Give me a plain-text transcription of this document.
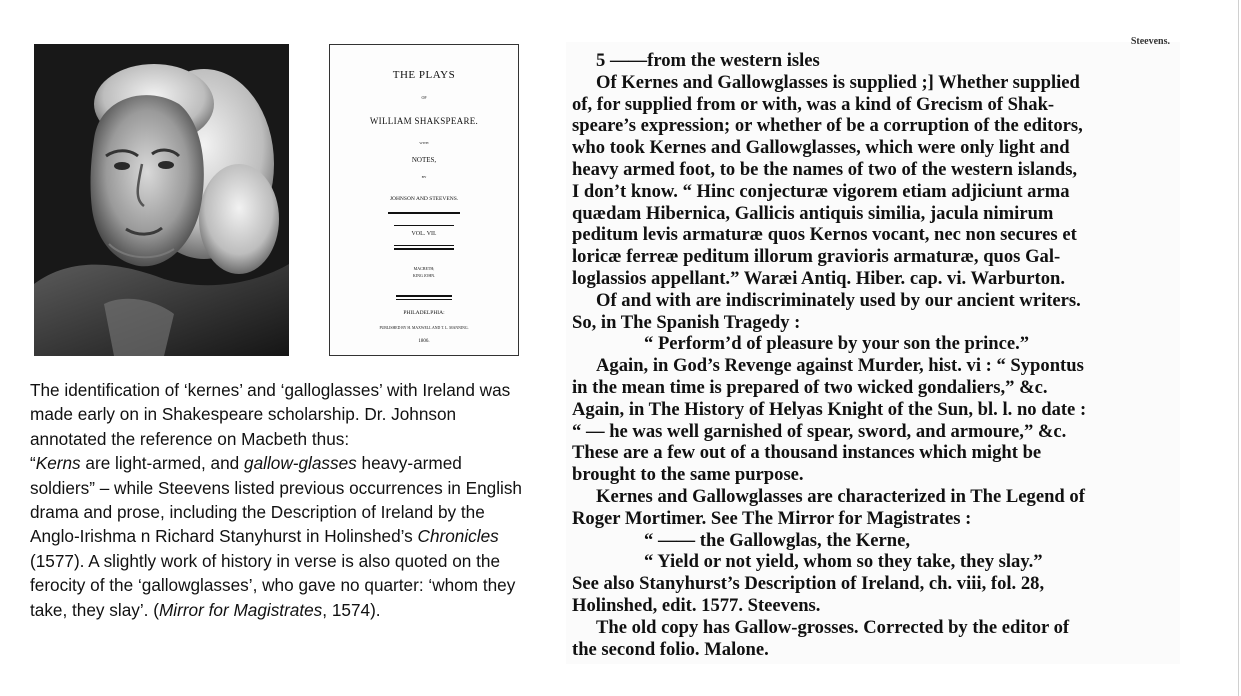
THE PLAYS
OF
WILLIAM SHAKSPEARE.
WITH
NOTES,
BY
JOHNSON AND STEEVENS.
VOL. VII.
MACBETH;
KING JOHN.
PHILADELPHIA:
PUBLISHED BY H. MAXWELL AND T. L. MANNING.
1806.

The identification of ‘kernes’ and ‘galloglasses’ with Ireland was made early on in Shakespeare scholarship. Dr. Johnson annotated the reference on Macbeth thus:
“Kerns are light-armed, and gallow-glasses heavy-armed soldiers” – while Steevens listed previous occurrences in English drama and prose, including the Description of Ireland by the Anglo-Irishma n Richard Stanyhurst in Holinshed’s Chronicles (1577). A slightly work of history in verse is also quoted on the ferocity of the ‘gallowglasses’, who gave no quarter: ‘whom they take, they slay’. (Mirror for Magistrates, 1574).

Steevens.
5 ——from the western isles
Of Kernes and Gallowglasses is supplied ;] Whether supplied
of, for supplied from or with, was a kind of Grecism of Shak-
speare’s expression; or whether of be a corruption of the editors,
who took Kernes and Gallowglasses, which were only light and
heavy armed foot, to be the names of two of the western islands,
I don’t know. “ Hinc conjecturæ vigorem etiam adjiciunt arma
quædam Hibernica, Gallicis antiquis similia, jacula nimirum
peditum levis armaturæ quos Kernos vocant, nec non secures et
loricæ ferreæ peditum illorum gravioris armaturæ, quos Gal-
loglassios appellant.” Waræi Antiq. Hiber. cap. vi. Warburton.
Of and with are indiscriminately used by our ancient writers.
So, in The Spanish Tragedy :
“ Perform’d of pleasure by your son the prince.”
Again, in God’s Revenge against Murder, hist. vi : “ Sypontus
in the mean time is prepared of two wicked gondaliers,” &c.
Again, in The History of Helyas Knight of the Sun, bl. l. no date :
“ — he was well garnished of spear, sword, and armoure,” &c.
These are a few out of a thousand instances which might be
brought to the same purpose.
Kernes and Gallowglasses are characterized in The Legend of
Roger Mortimer. See The Mirror for Magistrates :
“ —— the Gallowglas, the Kerne,
“ Yield or not yield, whom so they take, they slay.”
See also Stanyhurst’s Description of Ireland, ch. viii, fol. 28,
Holinshed, edit. 1577. Steevens.
The old copy has Gallow-grosses. Corrected by the editor of
the second folio. Malone.
